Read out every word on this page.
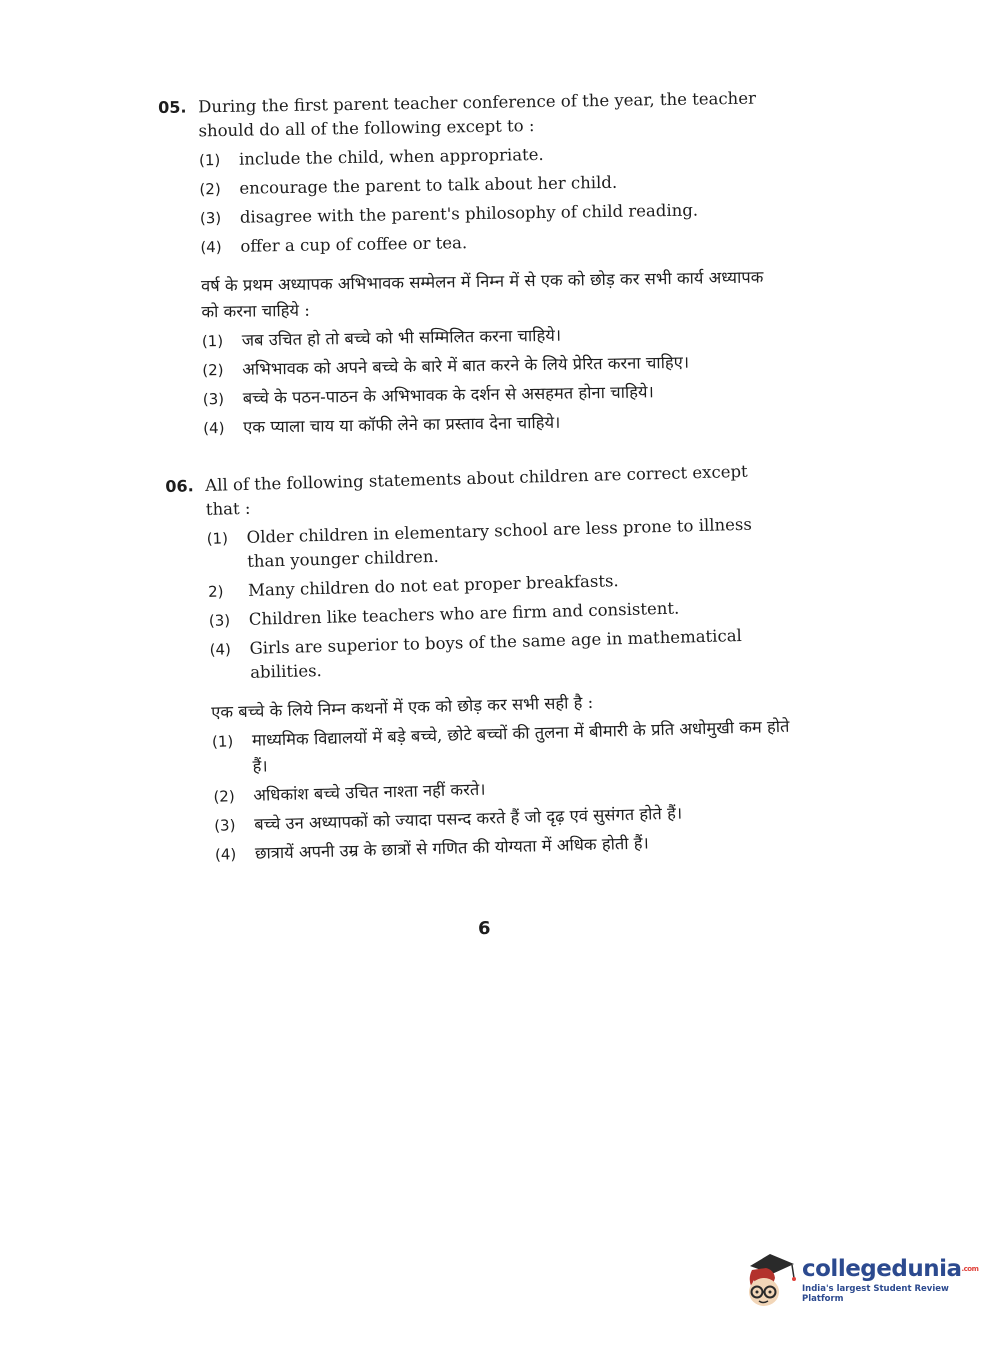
05. During the first parent teacher conference of the year, the teacher should do all of the following except to :
(1)	include the child, when appropriate.
(2)	encourage the parent to talk about her child.
(3)	disagree with the parent's philosophy of child reading.
(4)	offer a cup of coffee or tea.
वर्ष के प्रथम अध्यापक अभिभावक सम्मेलन में निम्न में से एक को छोड़ कर सभी कार्य अध्यापक को करना चाहिये :
(1)	जब उचित हो तो बच्चे को भी सम्मिलित करना चाहिये।
(2)	अभिभावक को अपने बच्चे के बारे में बात करने के लिये प्रेरित करना चाहिए।
(3)	बच्चे के पठन-पाठन के अभिभावक के दर्शन से असहमत होना चाहिये।
(4)	एक प्याला चाय या कॉफी लेने का प्रस्ताव देना चाहिये।
06. All of the following statements about children are correct except that :
(1)	Older children in elementary school are less prone to illness than younger children.
2)	Many children do not eat proper breakfasts.
(3)	Children like teachers who are firm and consistent.
(4)	Girls are superior to boys of the same age in mathematical abilities.
एक बच्चे के लिये निम्न कथनों में एक को छोड़ कर सभी सही है :
(1)	माध्यमिक विद्यालयों में बड़े बच्चे, छोटे बच्चों की तुलना में बीमारी के प्रति अधोमुखी कम होते हैं।
(2)	अधिकांश बच्चे उचित नाश्ता नहीं करते।
(3)	बच्चे उन अध्यापकों को ज्यादा पसन्द करते हैं जो दृढ़ एवं सुसंगत होते हैं।
(4)	छात्रायें अपनी उम्र के छात्रों से गणित की योग्यता में अधिक होती हैं।
6
collegedunia$^{.com}$
India's largest Student Review Platform
